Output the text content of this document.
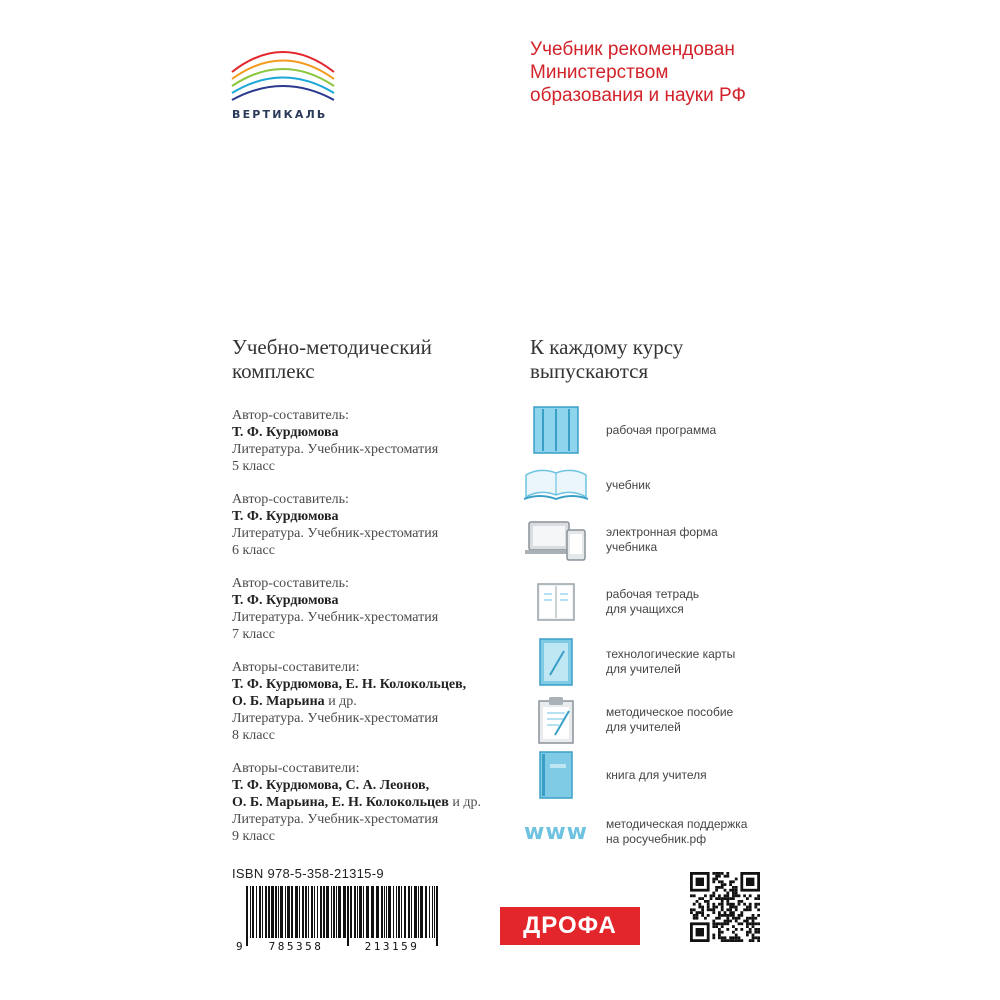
ВЕРТИКАЛЬ
Учебник рекомендован
Министерством
образования и науки РФ
Учебно-методический
комплекс
К каждому курсу
выпускаются
Автор-составитель:
Т. Ф. Курдюмова
Литература. Учебник-хрестоматия
5 класс
Автор-составитель:
Т. Ф. Курдюмова
Литература. Учебник-хрестоматия
6 класс
Автор-составитель:
Т. Ф. Курдюмова
Литература. Учебник-хрестоматия
7 класс
Авторы-составители:
Т. Ф. Курдюмова, Е. Н. Колокольцев,
О. Б. Марьина и др.
Литература. Учебник-хрестоматия
8 класс
Авторы-составители:
Т. Ф. Курдюмова, С. А. Леонов,
О. Б. Марьина, Е. Н. Колокольцев и др.
Литература. Учебник-хрестоматия
9 класс
рабочая программа
учебник
электронная форма
учебника
рабочая тетрадь
для учащихся
технологические карты
для учителей
методическое пособие
для учителей
книга для учителя
www методическая поддержка
на росучебник.рф
ISBN 978-5-358-21315-9
9 785358	213159
ДРОФА
